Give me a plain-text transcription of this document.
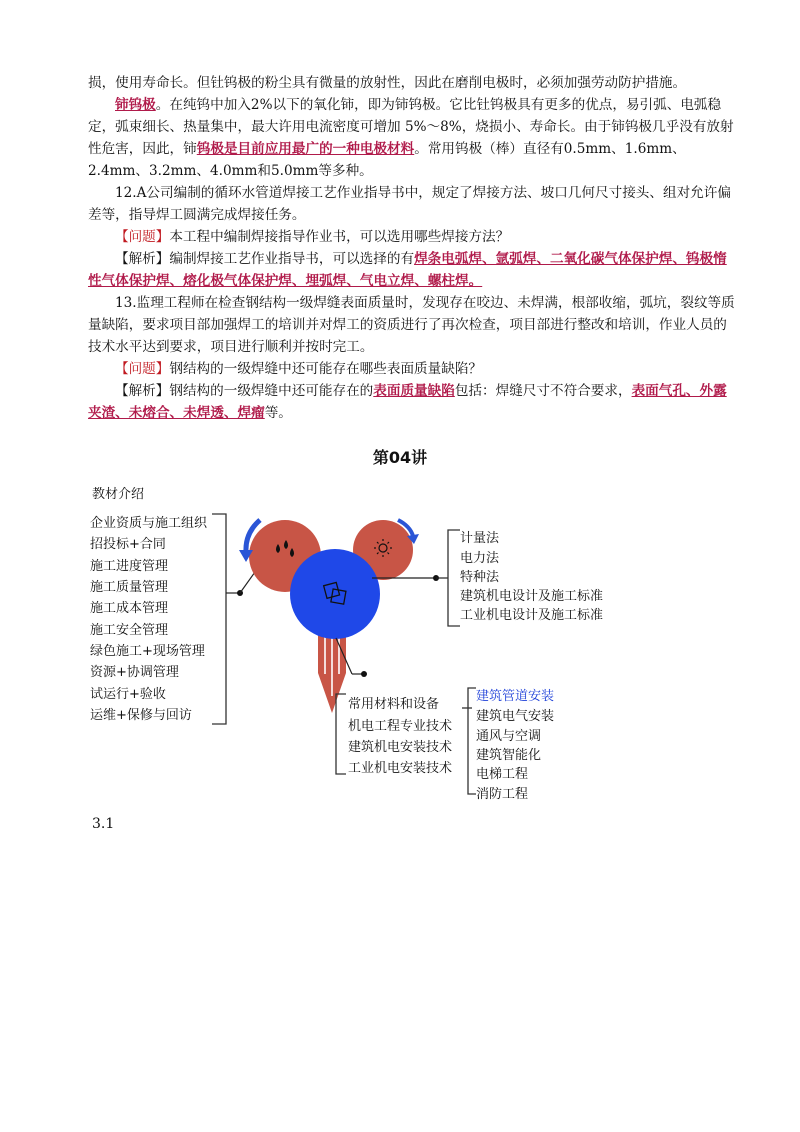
损，使用寿命长。但钍钨极的粉尘具有微量的放射性，因此在磨削电极时，必须加强劳动防护措施。

铈钨极。在纯钨中加入2%以下的氧化铈，即为铈钨极。它比钍钨极具有更多的优点，易引弧、电弧稳定，弧束细长、热量集中，最大许用电流密度可增加 5%～8%，烧损小、寿命长。由于铈钨极几乎没有放射性危害，因此，铈钨极是目前应用最广的一种电极材料。常用钨极（棒）直径有0.5mm、1.6mm、2.4mm、3.2mm、4.0mm和5.0mm等多种。

12.A公司编制的循环水管道焊接工艺作业指导书中，规定了焊接方法、坡口几何尺寸接头、组对允许偏差等，指导焊工圆满完成焊接任务。

【问题】本工程中编制焊接指导作业书，可以选用哪些焊接方法？

【解析】编制焊接工艺作业指导书，可以选择的有焊条电弧焊、氩弧焊、二氧化碳气体保护焊、钨极惰性气体保护焊、熔化极气体保护焊、埋弧焊、气电立焊、螺柱焊。

13.监理工程师在检查钢结构一级焊缝表面质量时，发现存在咬边、未焊满，根部收缩，弧坑，裂纹等质量缺陷，要求项目部加强焊工的培训并对焊工的资质进行了再次检查，项目部进行整改和培训，作业人员的技术水平达到要求，项目进行顺利并按时完工。

【问题】钢结构的一级焊缝中还可能存在哪些表面质量缺陷？

【解析】钢结构的一级焊缝中还可能存在的表面质量缺陷包括：焊缝尺寸不符合要求，表面气孔、外露夹渣、未熔合、未焊透、焊瘤等。

第04讲
教材介绍
企业资质与施工组织
招投标+合同
施工进度管理
施工质量管理
施工成本管理
施工安全管理
绿色施工+现场管理
资源+协调管理
试运行+验收
运维+保修与回访
计量法
电力法
特种法
建筑机电设计及施工标准
工业机电设计及施工标准
常用材料和设备
机电工程专业技术
建筑机电安装技术
工业机电安装技术
建筑管道安装
建筑电气安装
通风与空调
建筑智能化
电梯工程
消防工程
3.1
